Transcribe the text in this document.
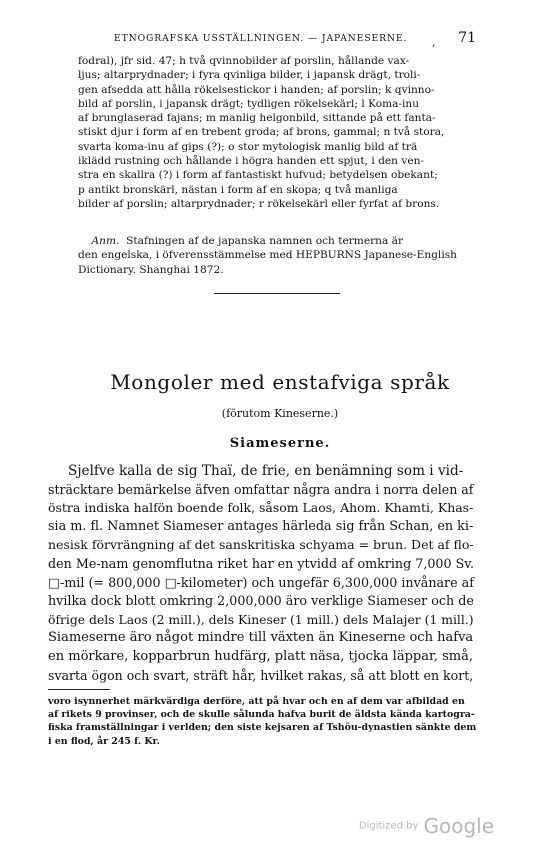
ETNOGRAFSKA USSTÄLLNINGEN. — JAPANESERNE. , 71
fodral), jfr sid. 47; h två qvinnobilder af porslin, hållande vax-
ljus; altarprydnader; i fyra qvinliga bilder, i japansk drägt, troli-
gen afsedda att hålla rökelsestickor i handen; af porslin; k qvinno-
bild af porslin, i japansk drägt; tydligen rökelsekärl; l Koma-inu
af brunglaserad fajans; m manlig helgonbild, sittande på ett fanta-
stiskt djur i form af en trebent groda; af brons, gammal; n två stora,
svarta koma-inu af gips (?); o stor mytologisk manlig bild af trä
iklädd rustning och hållande i högra handen ett spjut, i den ven-
stra en skallra (?) i form af fantastiskt hufvud; betydelsen obekant;
p antikt bronskärl, nästan i form af en skopa; q två manliga
bilder af porslin; altarprydnader; r rökelsekärl eller fyrfat af brons.
Anm. Stafningen af de japanska namnen och termerna är
den engelska, i öfverensstämmelse med HEPBURNS Japanese-English
Dictionary. Shanghai 1872.
Mongoler med enstafviga språk
(förutom Kineserne.)
Siameserne.
Sjelfve kalla de sig Thaï, de frie, en benämning som i vid-
sträcktare bemärkelse äfven omfattar några andra i norra delen af
östra indiska halfön boende folk, såsom Laos, Ahom. Khamti, Khas-
sia m. fl. Namnet Siameser antages härleda sig från Schan, en ki-
nesisk förvrängning af det sanskritiska schyama = brun. Det af flo-
den Me-nam genomflutna riket har en ytvidd af omkring 7,000 Sv.
□-mil (= 800,000 □-kilometer) och ungefär 6,300,000 invånare af
hvilka dock blott omkring 2,000,000 äro verklige Siameser och de
öfrige dels Laos (2 mill.), dels Kineser (1 mill.) dels Malajer (1 mill.)
Siameserne äro något mindre till växten än Kineserne och hafva
en mörkare, kopparbrun hudfärg, platt näsa, tjocka läppar, små,
svarta ögon och svart, sträft hår, hvilket rakas, så att blott en kort,
voro isynnerhet märkvärdiga derföre, att på hvar och en af dem var afbildad en
af rikets 9 provinser, och de skulle sålunda hafva burit de äldsta kända kartogra-
fiska framställningar i verlden; den siste kejsaren af Tshöu-dynastien sänkte dem
i en flod, år 245 f. Kr.
Digitized by Google
